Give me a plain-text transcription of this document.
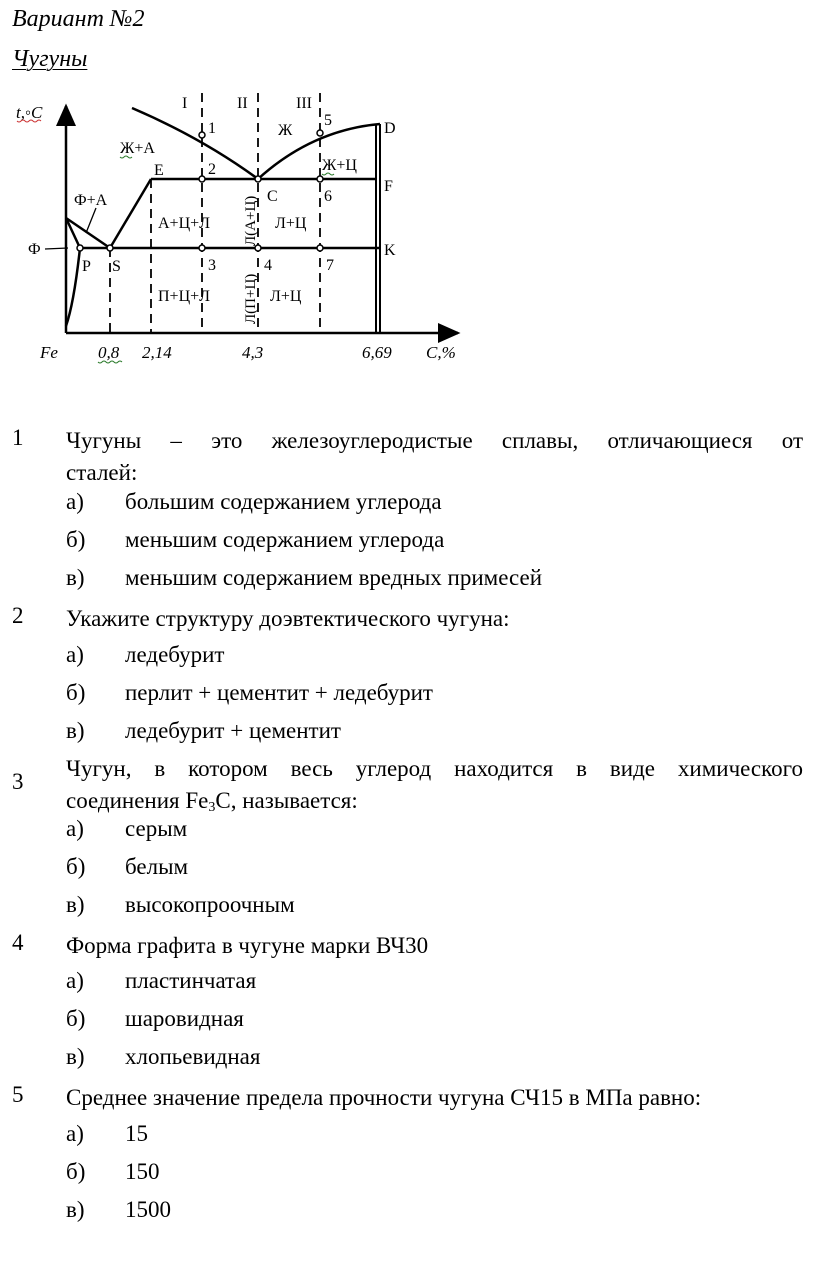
Вариант №2
Чугуны
t,◦C
C,%
Fe 0,8 2,14	4,3	6,69
I	II	III
1
2
3	4
5
6
7
E
C
D
F
K
P S
Ж
Ж+А
Ж+Ц
Ф+А
Ф
А+Ц+Л	Л+Ц
Л(А+Ц)
П+Ц+Л Л(П+Ц) Л+Ц
1 Чугуны – это железоуглеродистые сплавы, отличающиеся от
сталей:
а) большим содержанием углерода
б) меньшим содержанием углерода
в) меньшим содержанием вредных примесей
2 Укажите структуру доэвтектического чугуна:
а) ледебурит
б) перлит + цементит + ледебурит
в) ледебурит + цементит
3
Чугун, в котором весь углерод находится в виде химического
соединения $Fe_3C$, называется:
а) серым
б) белым
в) высокопроочным
4 Форма графита в чугуне марки ВЧ30
а) пластинчатая
б) шаровидная
в) хлопьевидная
5 Среднее значение предела прочности чугуна СЧ15 в МПа равно:
а) 15
б) 150
в) 1500
